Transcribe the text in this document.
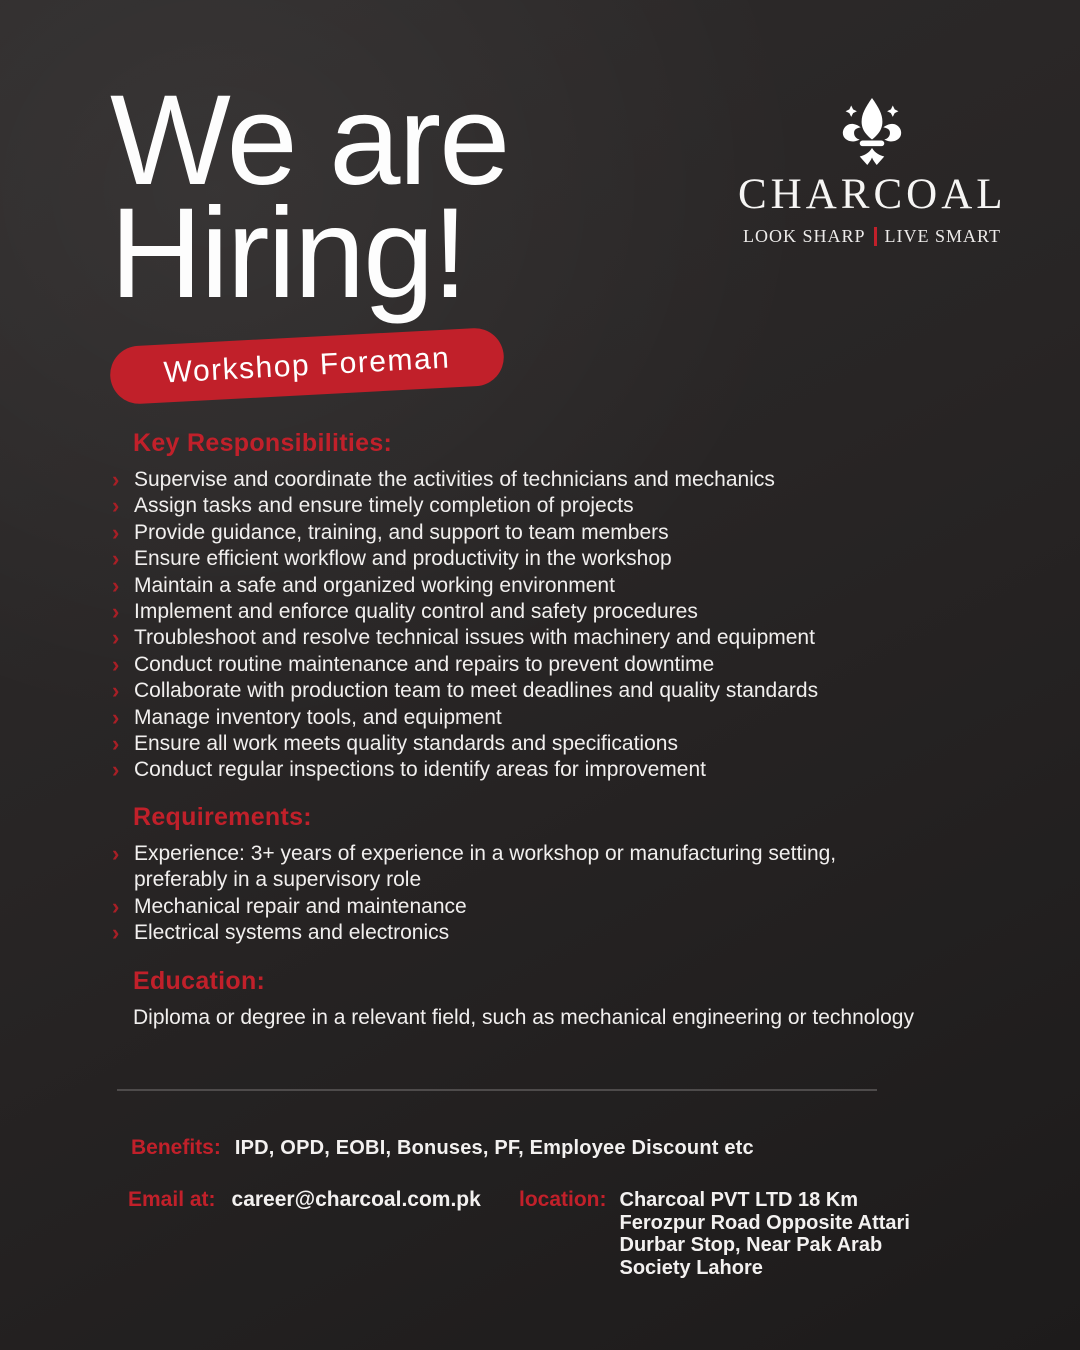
We are
Hiring!
Workshop Foreman
CHARCOAL
LOOK SHARP LIVE SMART
Key Responsibilities:
› Supervise and coordinate the activities of technicians and mechanics
› Assign tasks and ensure timely completion of projects
› Provide guidance, training, and support to team members
› Ensure efficient workflow and productivity in the workshop
› Maintain a safe and organized working environment
› Implement and enforce quality control and safety procedures
› Troubleshoot and resolve technical issues with machinery and equipment
› Conduct routine maintenance and repairs to prevent downtime
› Collaborate with production team to meet deadlines and quality standards
› Manage inventory tools, and equipment
› Ensure all work meets quality standards and specifications
› Conduct regular inspections to identify areas for improvement
Requirements:
› Experience: 3+ years of experience in a workshop or manufacturing setting, preferably in a supervisory role
› Mechanical repair and maintenance
› Electrical systems and electronics
Education:

Diploma or degree in a relevant field, such as mechanical engineering or technology

Benefits: IPD, OPD, EOBI, Bonuses, PF, Employee Discount etc
Email at: career@charcoal.com.pk location: Charcoal PVT LTD 18 Km Ferozpur Road Opposite Attari Durbar Stop, Near Pak Arab Society Lahore
